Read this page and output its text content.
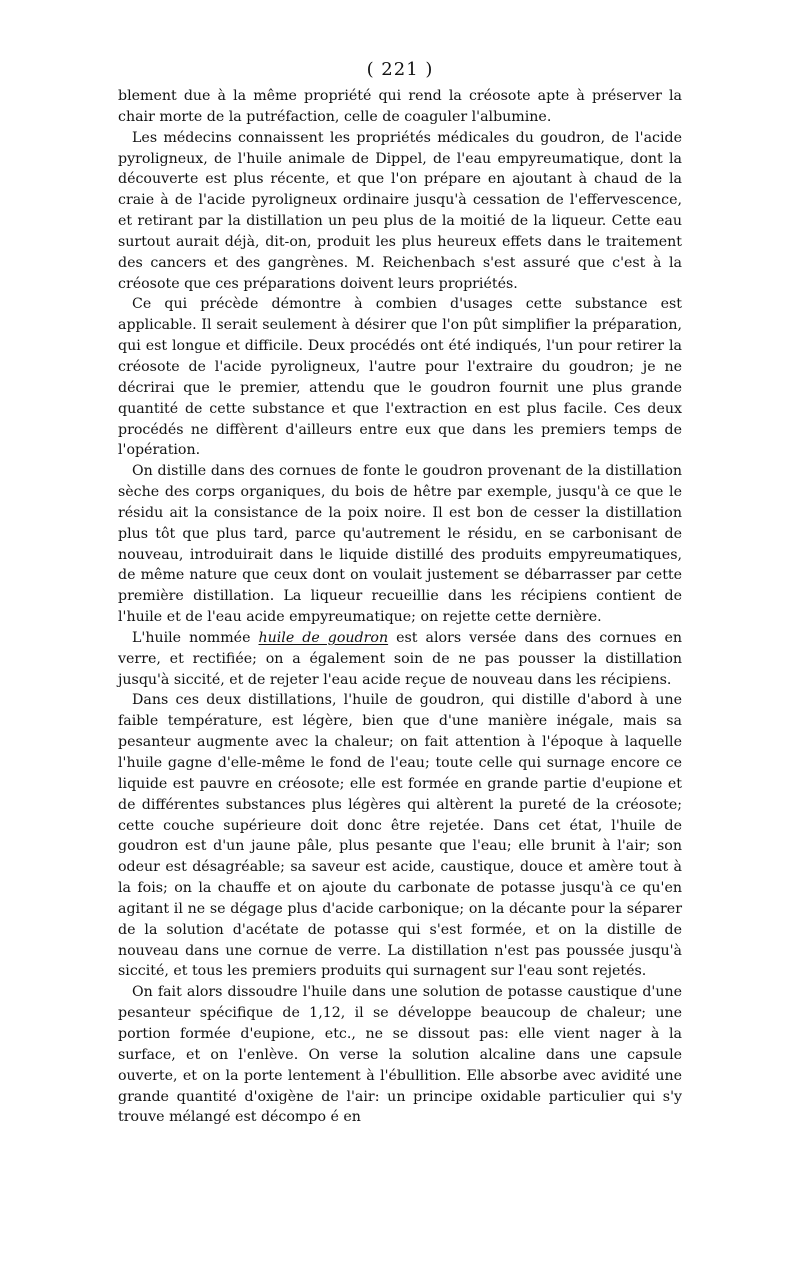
( 221 )

blement due à la même propriété qui rend la créosote apte à préserver la chair morte de la putréfaction, celle de coaguler l'albumine.

Les médecins connaissent les propriétés médicales du goudron, de l'acide pyroligneux, de l'huile animale de Dippel, de l'eau empyreumatique, dont la découverte est plus récente, et que l'on prépare en ajoutant à chaud de la craie à de l'acide pyroligneux ordinaire jusqu'à cessation de l'effervescence, et retirant par la distillation un peu plus de la moitié de la liqueur. Cette eau surtout aurait déjà, dit-on, produit les plus heureux effets dans le traitement des cancers et des gangrènes. M. Reichenbach s'est assuré que c'est à la créosote que ces préparations doivent leurs propriétés.

Ce qui précède démontre à combien d'usages cette substance est applicable. Il serait seulement à désirer que l'on pût simplifier la préparation, qui est longue et difficile. Deux procédés ont été indiqués, l'un pour retirer la créosote de l'acide pyroligneux, l'autre pour l'extraire du goudron; je ne décrirai que le premier, attendu que le goudron fournit une plus grande quantité de cette substance et que l'extraction en est plus facile. Ces deux procédés ne diffèrent d'ailleurs entre eux que dans les premiers temps de l'opération.

On distille dans des cornues de fonte le goudron provenant de la distillation sèche des corps organiques, du bois de hêtre par exemple, jusqu'à ce que le résidu ait la consistance de la poix noire. Il est bon de cesser la distillation plus tôt que plus tard, parce qu'autrement le résidu, en se carbonisant de nouveau, introduirait dans le liquide distillé des produits empyreumatiques, de même nature que ceux dont on voulait justement se débarrasser par cette première distillation. La liqueur recueillie dans les récipiens contient de l'huile et de l'eau acide empyreumatique; on rejette cette dernière.

L'huile nommée huile de goudron est alors versée dans des cornues en verre, et rectifiée; on a également soin de ne pas pousser la distillation jusqu'à siccité, et de rejeter l'eau acide reçue de nouveau dans les récipiens.

Dans ces deux distillations, l'huile de goudron, qui distille d'abord à une faible température, est légère, bien que d'une manière inégale, mais sa pesanteur augmente avec la chaleur; on fait attention à l'époque à laquelle l'huile gagne d'elle-même le fond de l'eau; toute celle qui surnage encore ce liquide est pauvre en créosote; elle est formée en grande partie d'eupione et de différentes substances plus légères qui altèrent la pureté de la créosote; cette couche supérieure doit donc être rejetée. Dans cet état, l'huile de goudron est d'un jaune pâle, plus pesante que l'eau; elle brunit à l'air; son odeur est désagréable; sa saveur est acide, caustique, douce et amère tout à la fois; on la chauffe et on ajoute du carbonate de potasse jusqu'à ce qu'en agitant il ne se dégage plus d'acide carbonique; on la décante pour la séparer de la solution d'acétate de potasse qui s'est formée, et on la distille de nouveau dans une cornue de verre. La distillation n'est pas poussée jusqu'à siccité, et tous les premiers produits qui surnagent sur l'eau sont rejetés.

On fait alors dissoudre l'huile dans une solution de potasse caustique d'une pesanteur spécifique de 1,12, il se développe beaucoup de chaleur; une portion formée d'eupione, etc., ne se dissout pas: elle vient nager à la surface, et on l'enlève. On verse la solution alcaline dans une capsule ouverte, et on la porte lentement à l'ébullition. Elle absorbe avec avidité une grande quantité d'oxigène de l'air: un principe oxidable particulier qui s'y trouve mélangé est décompo é en
